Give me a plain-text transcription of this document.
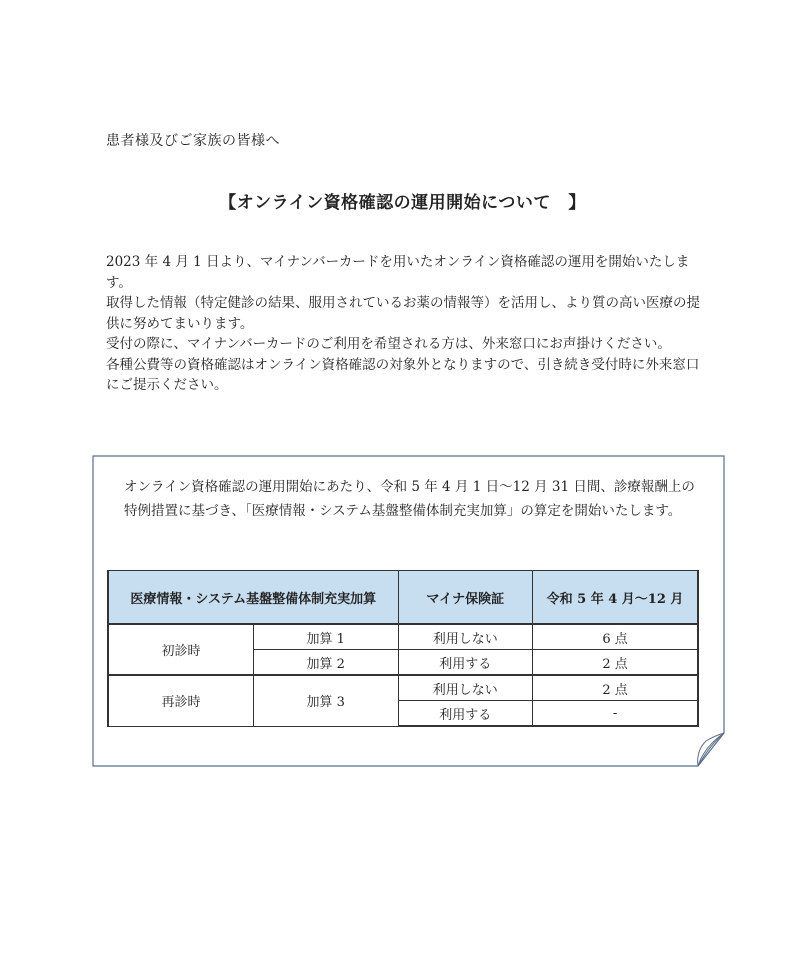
患者様及びご家族の皆様へ
【オンライン資格確認の運用開始について　】

2023 年 4 月 1 日より、マイナンバーカードを用いたオンライン資格確認の運用を開始いたします。

取得した情報（特定健診の結果、服用されているお薬の情報等）を活用し、より質の高い医療の提供に努めてまいります。

受付の際に、マイナンバーカードのご利用を希望される方は、外来窓口にお声掛けください。

各種公費等の資格確認はオンライン資格確認の対象外となりますので、引き続き受付時に外来窓口にご提示ください。

オンライン資格確認の運用開始にあたり、令和 5 年 4 月 1 日～12 月 31 日間、診療報酬上の特例措置に基づき、「医療情報・システム基盤整備体制充実加算」の算定を開始いたします。
医療情報・システム基盤整備体制充実加算		マイナ保険証	令和 5 年 4 月～12 月
初診時	加算 1	利用しない	6 点
	加算 2	利用する	2 点
再診時	加算 3	利用しない	2 点
		利用する	-
